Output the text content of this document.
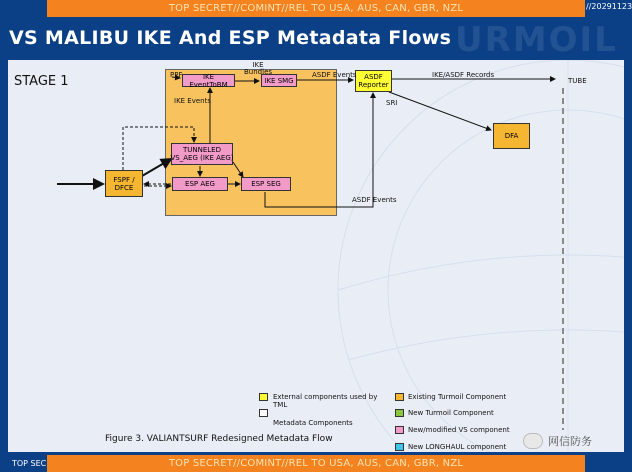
TOP SECRET//COMINT//REL TO USA, AUS, CAN, GBR, NZL	//20291123
URMOIL
VS MALIBU IKE And ESP Metadata Flows
STAGE 1	IKE EventToBM	IKE SMG	ASDF
Reporter
TUNNELED
VS_AEG (IKE AEG)
ESP AEG	ESP SEG
FSPF /
DFCE
DFA
PPF
IKE
Bundles
IKE Events
ASDF Events	IKE/ASDF Records
SRI
ASDF Events
TUBE
External components used by
TML
Metadata Components
Existing Turmoil Component
New Turmoil Component
New/modified VS component
New LONGHAUL component
Figure 3. VALIANTSURF Redesigned Metadata Flow	网信防务
TOP SECRET//COMINT//REL TO USA, AUS, CAN, GBR, NZL
TOP SEC
